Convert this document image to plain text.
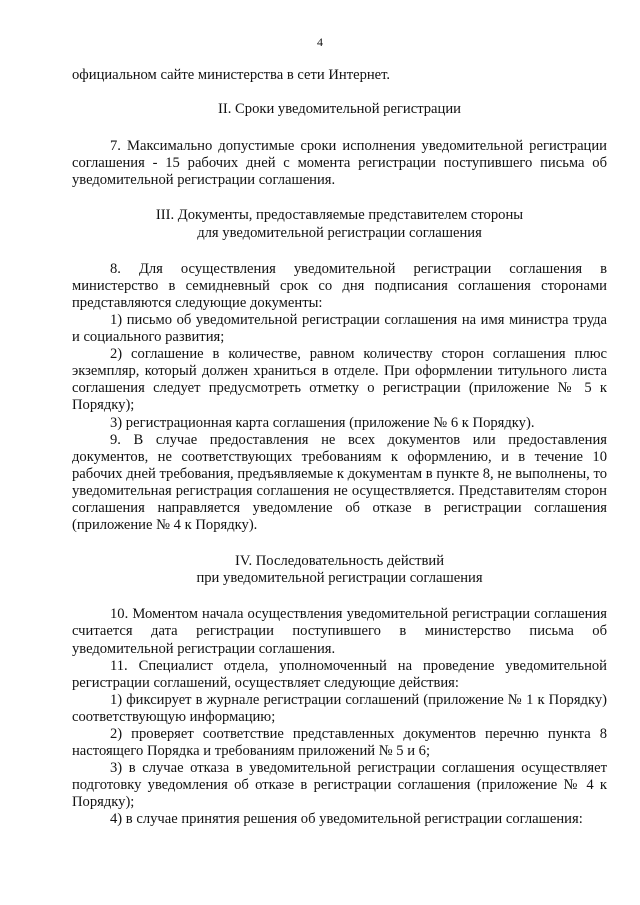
4

официальном сайте министерства в сети Интернет.

II. Сроки уведомительной регистрации

7. Максимально допустимые сроки исполнения уведомительной регистрации соглашения - 15 рабочих дней с момента регистрации поступившего письма об уведомительной регистрации соглашения.

III. Документы, предоставляемые представителем стороны

для уведомительной регистрации соглашения

8. Для осуществления уведомительной регистрации соглашения в министерство в семидневный срок со дня подписания соглашения сторонами представляются следующие документы:

1) письмо об уведомительной регистрации соглашения на имя министра труда и социального развития;

2) соглашение в количестве, равном количеству сторон соглашения плюс экземпляр, который должен храниться в отделе. При оформлении титульного листа соглашения следует предусмотреть отметку о регистрации (приложение № 5 к Порядку);

3) регистрационная карта соглашения (приложение № 6 к Порядку).

9. В случае предоставления не всех документов или предоставления документов, не соответствующих требованиям к оформлению, и в течение 10 рабочих дней требования, предъявляемые к документам в пункте 8, не выполнены, то уведомительная регистрация соглашения не осуществляется. Представителям сторон соглашения направляется уведомление об отказе в регистрации соглашения (приложение № 4 к Порядку).

IV. Последовательность действий

при уведомительной регистрации соглашения

10. Моментом начала осуществления уведомительной регистрации соглашения считается дата регистрации поступившего в министерство письма об уведомительной регистрации соглашения.

11. Специалист отдела, уполномоченный на проведение уведомительной регистрации соглашений, осуществляет следующие действия:

1) фиксирует в журнале регистрации соглашений (приложение № 1 к Порядку) соответствующую информацию;

2) проверяет соответствие представленных документов перечню пункта 8 настоящего Порядка и требованиям приложений № 5 и 6;

3) в случае отказа в уведомительной регистрации соглашения осуществляет подготовку уведомления об отказе в регистрации соглашения (приложение № 4 к Порядку);

4) в случае принятия решения об уведомительной регистрации соглашения:
